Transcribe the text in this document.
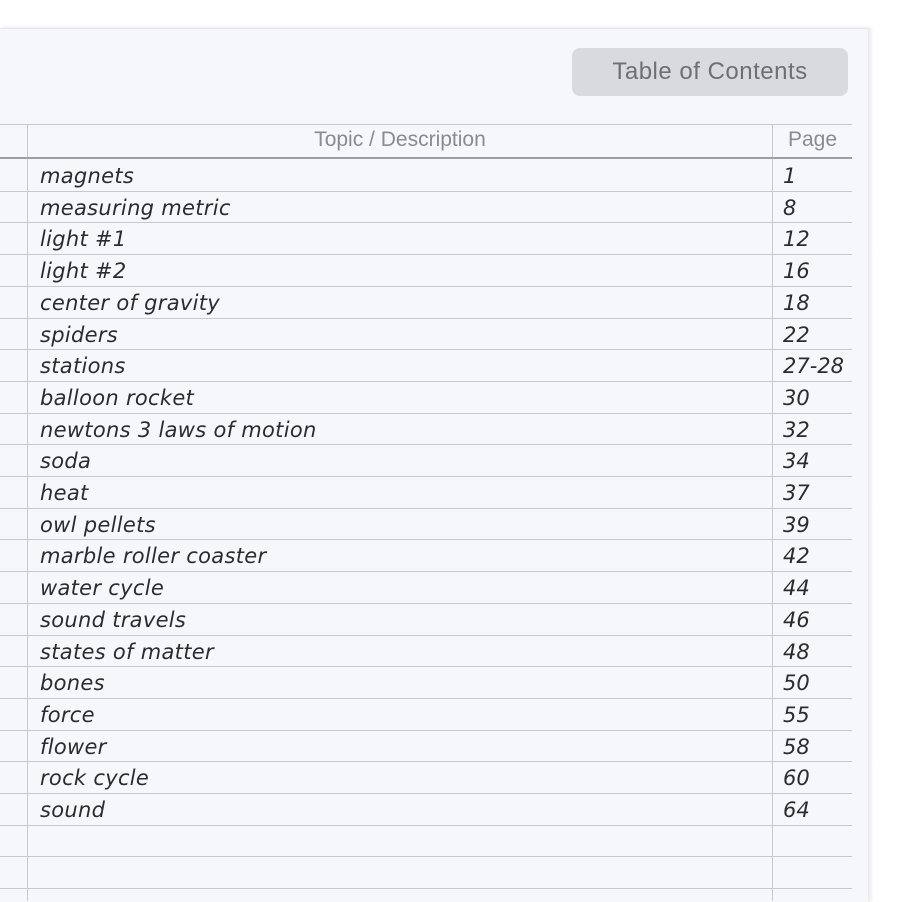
Table of Contents
Topic / Description	Page
magnets	1
measuring metric	8
light #1	12
light #2	16
center of gravity	18
spiders	22
stations	27-28
balloon rocket	30
newtons 3 laws of motion	32
soda	34
heat	37
owl pellets	39
marble roller coaster	42
water cycle	44
sound travels	46
states of matter	48
bones	50
force	55
flower	58
rock cycle	60
sound	64
